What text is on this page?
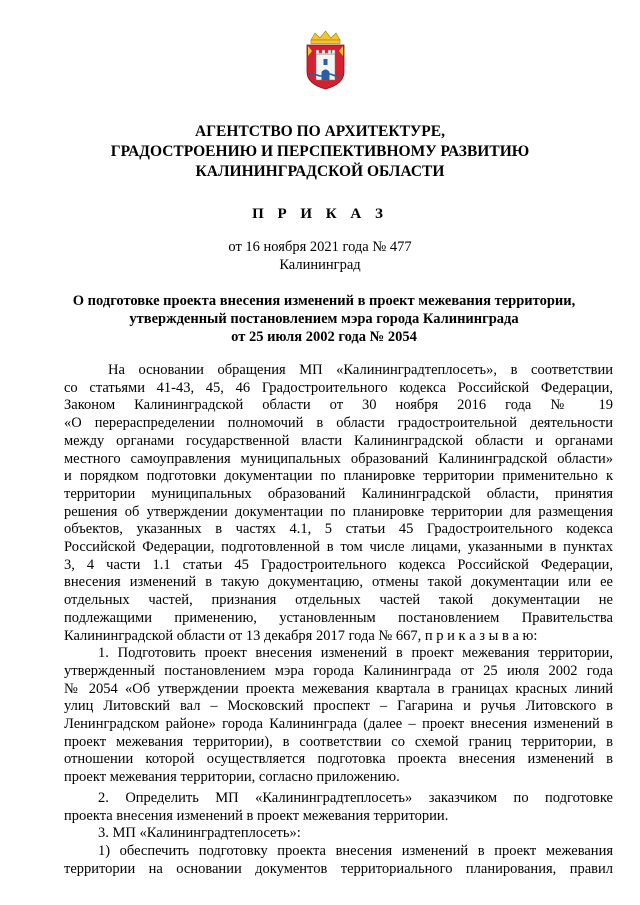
АГЕНТСТВО ПО АРХИТЕКТУРЕ,
ГРАДОСТРОЕНИЮ И ПЕРСПЕКТИВНОМУ РАЗВИТИЮ
КАЛИНИНГРАДСКОЙ ОБЛАСТИ
П Р И К А З
от 16 ноября 2021 года № 477
Калининград
О подготовке проекта внесения изменений в проект межевания территории,
утвержденный постановлением мэра города Калининграда
от 25 июля 2002 года № 2054
На основании обращения МП «Калининградтеплосеть», в соответствии
со статьями 41-43, 45, 46 Градостроительного кодекса Российской Федерации,
Законом Калининградской области от 30 ноября 2016 года № 19
«О перераспределении полномочий в области градостроительной деятельности
между органами государственной власти Калининградской области и органами
местного самоуправления муниципальных образований Калининградской области»
и порядком подготовки документации по планировке территории применительно к
территории муниципальных образований Калининградской области, принятия
решения об утверждении документации по планировке территории для размещения
объектов, указанных в частях 4.1, 5 статьи 45 Градостроительного кодекса
Российской Федерации, подготовленной в том числе лицами, указанными в пунктах
3, 4 части 1.1 статьи 45 Градостроительного кодекса Российской Федерации,
внесения изменений в такую документацию, отмены такой документации или ее
отдельных частей, признания отдельных частей такой документации не
подлежащими применению, установленным постановлением Правительства
Калининградской области от 13 декабря 2017 года № 667, п р и к а з ы в а ю:
1. Подготовить проект внесения изменений в проект межевания территории,
утвержденный постановлением мэра города Калининграда от 25 июля 2002 года
№ 2054 «Об утверждении проекта межевания квартала в границах красных линий
улиц Литовский вал – Московский проспект – Гагарина и ручья Литовского в
Ленинградском районе» города Калининграда (далее – проект внесения изменений в
проект межевания территории), в соответствии со схемой границ территории, в
отношении которой осуществляется подготовка проекта внесения изменений в
проект межевания территории, согласно приложению.
2. Определить МП «Калининградтеплосеть» заказчиком по подготовке
проекта внесения изменений в проект межевания территории.
3. МП «Калининградтеплосеть»:
1) обеспечить подготовку проекта внесения изменений в проект межевания
территории на основании документов территориального планирования, правил
